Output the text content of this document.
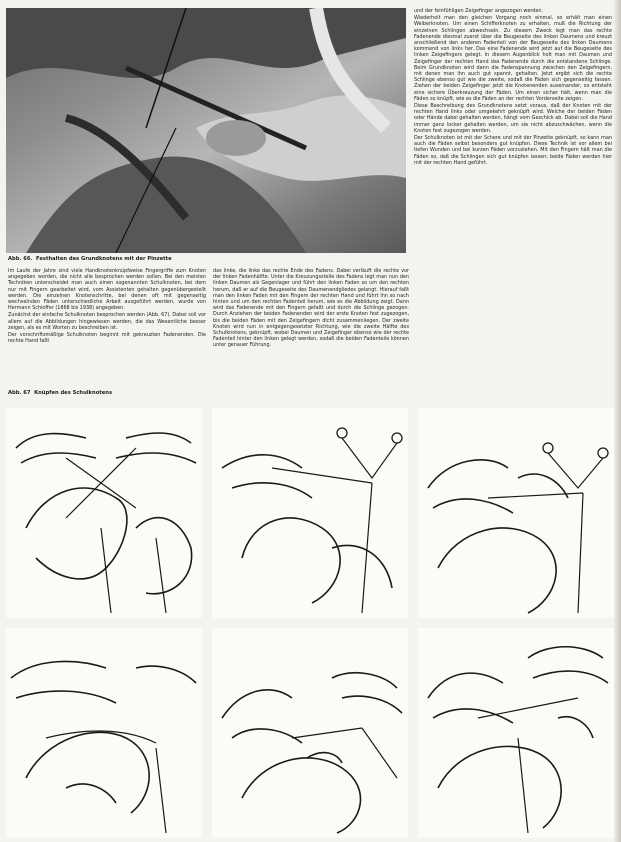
Abb. 66. Festhalten des Grundknotens mit der Pinzette

Im Laufe der Jahre sind viele Handknotenknüpfweise Fingergriffe zum Knoten angegeben worden, die nicht alle besprochen werden sollen. Bei den meisten Techniken unterscheidet man auch einen sogenannten Schulknoten, bei dem nur mit Fingern gearbeitet wird, vom Assistenten gehalten gegenübergestellt werden. Die einzelnen Knotenschritte, bei denen oft mit gegenseitig wechselnden Fäden unterschiedliche Arbeit ausgeführt werden, wurde von Hermann Schloffer (1868 bis 1938) angegeben.

Zunächst der einfache Schulknoten besprochen werden (Abb. 67). Dabei soll vor allem auf die Abbildungen hingewiesen werden, die das Wesentliche besser zeigen, als es mit Worten zu beschreiben ist.

Der vorschriftsmäßige Schulknoten beginnt mit gekreuzten Fadenenden. Die rechte Hand faßt

das linke, die linke das rechte Ende des Fadens. Dabei verläuft die rechte vor der linken Fadenhälfte. Unter die Kreuzungsstelle des Fadens legt man nun den linken Daumen als Gegenlager und führt den linken Faden so um den rechten herum, daß er auf die Beugeseite des Daumenendgliedes gelangt. Hierauf faßt man den linken Faden mit den Fingern der rechten Hand und führt ihn so nach hinten und um den rechten Fadenteil herum, wie es die Abbildung zeigt. Dann wird das Fadenende mit den Fingern gefaßt und durch die Schlinge gezogen. Durch Anziehen der beiden Fadenenden wird der erste Knoten fest zugezogen, bis die beiden Fäden mit den Zeigefingern dicht zusammenliegen. Der zweite Knoten wird nun in entgegengesetzter Richtung, wie die zweite Hälfte des Schulknotens, geknüpft, wobei Daumen und Zeigefinger ebenso wie der rechte Fadenteil hinter den linken gelegt werden, sodaß die beiden Fadenteile können unter genauer Führung.

und der feinfühligen Zeigefinger angezogen werden.

Wiederholt man den gleichen Vorgang noch einmal, so erhält man einen Weiberknoten. Um einen Schifferknoten zu erhalten, muß die Richtung der einzelnen Schlingen abwechseln. Zu diesem Zweck legt man das rechte Fadenende diesmal zuerst über die Beugeseite des linken Daumens und kreuzt anschließend den anderen Fadenteil von der Beugeseite des linken Daumens kommend von links her. Das eine Fadenende wird jetzt auf die Beugeseite des linken Zeigefingers gelegt. In diesem Augenblick holt man mit Daumen und Zeigefinger der rechten Hand das Fadenende durch die entstandene Schlinge. Beim Grundknoten wird dann die Fadenspannung zwischen den Zeigefingern, mit denen man ihn auch gut spannt, gehalten. Jetzt ergibt sich die rechte Schlinge ebenso gut wie die zweite, sodaß die Fäden sich gegenseitig fassen. Ziehen der beiden Zeigefinger jetzt die Knotenenden auseinander, so entsteht eine sichere Überkreuzung der Fäden. Um einen sicher hält, wenn man die Fäden so knüpft, wie es die Fäden an der rechten Vorderseite zeigen.

Diese Beschreibung des Grundknotens setzt voraus, daß der Knoten mit der rechten Hand links oder umgekehrt geknüpft wird. Welche der beiden Fäden oder Hände dabei gehalten werden, hängt vom Geschick ab. Dabei soll die Hand immer ganz locker gehalten werden, um sie nicht abzuschwächen, wenn die Knoten fest zugezogen werden.

Der Schulknoten ist mit der Schere und mit der Pinzette geknüpft, so kann man auch die Fäden selbst besonders gut knüpfen. Diese Technik ist vor allem bei tiefen Wunden und bei kurzen Fäden vorzuziehen. Mit den Fingern hält man die Fäden so, daß die Schlingen sich gut knüpfen lassen; beide Fäden werden hier mit der rechten Hand geführt.

Abb. 67 Knüpfen des Schulknotens
